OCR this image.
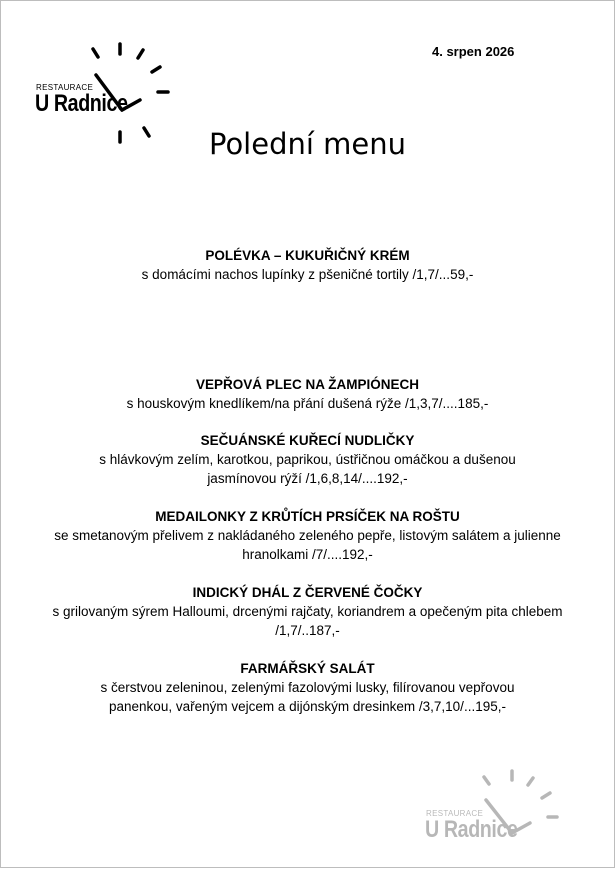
RESTAURACE
U Radnice
4. srpen 2026
Polední menu
POLÉVKA – KUKUŘIČNÝ KRÉM
s domácími nachos lupínky z pšeničné tortily /1,7/...59,-
VEPŘOVÁ PLEC NA ŽAMPIÓNECH
s houskovým knedlíkem/na přání dušená rýže /1,3,7/....185,-
SEČUÁNSKÉ KUŘECÍ NUDLIČKY
s hlávkovým zelím, karotkou, paprikou, ústřičnou omáčkou a dušenou jasmínovou rýží /1,6,8,14/....192,-
MEDAILONKY Z KRŮTÍCH PRSÍČEK NA ROŠTU
se smetanovým přelivem z nakládaného zeleného pepře, listovým salátem a julienne hranolkami /7/....192,-
INDICKÝ DHÁL Z ČERVENÉ ČOČKY
s grilovaným sýrem Halloumi, drcenými rajčaty, koriandrem a opečeným pita chlebem /1,7/..187,-
FARMÁŘSKÝ SALÁT
s čerstvou zeleninou, zelenými fazolovými lusky, filírovanou vepřovou panenkou, vařeným vejcem a dijónským dresinkem /3,7,10/...195,-
RESTAURACE
U Radnice
